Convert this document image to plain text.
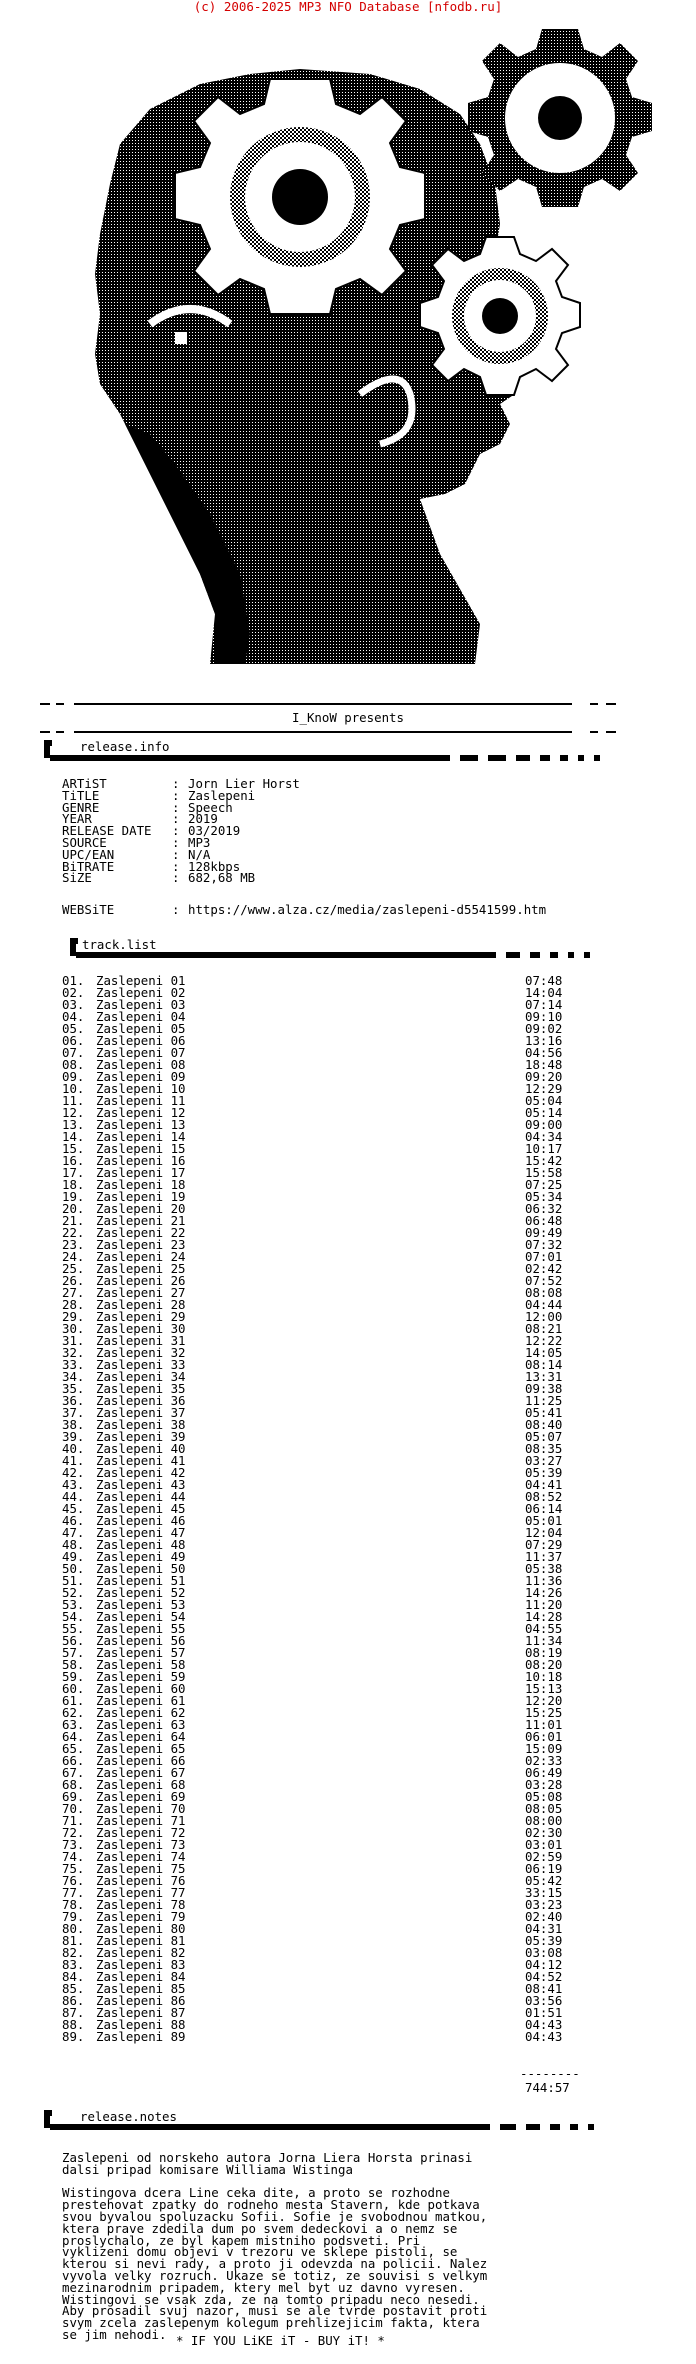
(c) 2006-2025 MP3 NFO Database [nfodb.ru]
I_KnoW presents
release.info
ARTiST	: Jorn Lier Horst
TiTLE	: Zaslepeni
GENRE	: Speech
YEAR	: 2019
RELEASE DATE	: 03/2019
SOURCE	: MP3
UPC/EAN	: N/A
BiTRATE	: 128kbps
SiZE	: 682,68 MB
WEBSiTE	: https://www.alza.cz/media/zaslepeni-d5541599.htm
track.list
01. Zaslepeni 01	07:48
02. Zaslepeni 02	14:04
03. Zaslepeni 03	07:14
04. Zaslepeni 04	09:10
05. Zaslepeni 05	09:02
06. Zaslepeni 06	13:16
07. Zaslepeni 07	04:56
08. Zaslepeni 08	18:48
09. Zaslepeni 09	09:20
10. Zaslepeni 10	12:29
11. Zaslepeni 11	05:04
12. Zaslepeni 12	05:14
13. Zaslepeni 13	09:00
14. Zaslepeni 14	04:34
15. Zaslepeni 15	10:17
16. Zaslepeni 16	15:42
17. Zaslepeni 17	15:58
18. Zaslepeni 18	07:25
19. Zaslepeni 19	05:34
20. Zaslepeni 20	06:32
21. Zaslepeni 21	06:48
22. Zaslepeni 22	09:49
23. Zaslepeni 23	07:32
24. Zaslepeni 24	07:01
25. Zaslepeni 25	02:42
26. Zaslepeni 26	07:52
27. Zaslepeni 27	08:08
28. Zaslepeni 28	04:44
29. Zaslepeni 29	12:00
30. Zaslepeni 30	08:21
31. Zaslepeni 31	12:22
32. Zaslepeni 32	14:05
33. Zaslepeni 33	08:14
34. Zaslepeni 34	13:31
35. Zaslepeni 35	09:38
36. Zaslepeni 36	11:25
37. Zaslepeni 37	05:41
38. Zaslepeni 38	08:40
39. Zaslepeni 39	05:07
40. Zaslepeni 40	08:35
41. Zaslepeni 41	03:27
42. Zaslepeni 42	05:39
43. Zaslepeni 43	04:41
44. Zaslepeni 44	08:52
45. Zaslepeni 45	06:14
46. Zaslepeni 46	05:01
47. Zaslepeni 47	12:04
48. Zaslepeni 48	07:29
49. Zaslepeni 49	11:37
50. Zaslepeni 50	05:38
51. Zaslepeni 51	11:36
52. Zaslepeni 52	14:26
53. Zaslepeni 53	11:20
54. Zaslepeni 54	14:28
55. Zaslepeni 55	04:55
56. Zaslepeni 56	11:34
57. Zaslepeni 57	08:19
58. Zaslepeni 58	08:20
59. Zaslepeni 59	10:18
60. Zaslepeni 60	15:13
61. Zaslepeni 61	12:20
62. Zaslepeni 62	15:25
63. Zaslepeni 63	11:01
64. Zaslepeni 64	06:01
65. Zaslepeni 65	15:09
66. Zaslepeni 66	02:33
67. Zaslepeni 67	06:49
68. Zaslepeni 68	03:28
69. Zaslepeni 69	05:08
70. Zaslepeni 70	08:05
71. Zaslepeni 71	08:00
72. Zaslepeni 72	02:30
73. Zaslepeni 73	03:01
74. Zaslepeni 74	02:59
75. Zaslepeni 75	06:19
76. Zaslepeni 76	05:42
77. Zaslepeni 77	33:15
78. Zaslepeni 78	03:23
79. Zaslepeni 79	02:40
80. Zaslepeni 80	04:31
81. Zaslepeni 81	05:39
82. Zaslepeni 82	03:08
83. Zaslepeni 83	04:12
84. Zaslepeni 84	04:52
85. Zaslepeni 85	08:41
86. Zaslepeni 86	03:56
87. Zaslepeni 87	01:51
88. Zaslepeni 88	04:43
89. Zaslepeni 89	04:43
--------
744:57
release.notes
Zaslepeni od norskeho autora Jorna Liera Horsta prinasi
dalsi pripad komisare Williama Wistinga
Wistingova dcera Line ceka dite, a proto se rozhodne
prestehovat zpatky do rodneho mesta Stavern, kde potkava
svou byvalou spoluzacku Sofii. Sofie je svobodnou matkou,
ktera prave zdedila dum po svem dedeckovi a o nemz se
proslychalo, ze byl kapem mistniho podsveti. Pri
vyklizeni domu objevi v trezoru ve sklepe pistoli, se
kterou si nevi rady, a proto ji odevzda na policii. Nalez
vyvola velky rozruch. Ukaze se totiz, ze souvisi s velkym
mezinarodnim pripadem, ktery mel byt uz davno vyresen.
Wistingovi se vsak zda, ze na tomto pripadu neco nesedi.
Aby prosadil svuj nazor, musi se ale tvrde postavit proti
svym zcela zaslepenym kolegum prehlizejicim fakta, ktera
se jim nehodi. * IF YOU LiKE iT - BUY iT! *
